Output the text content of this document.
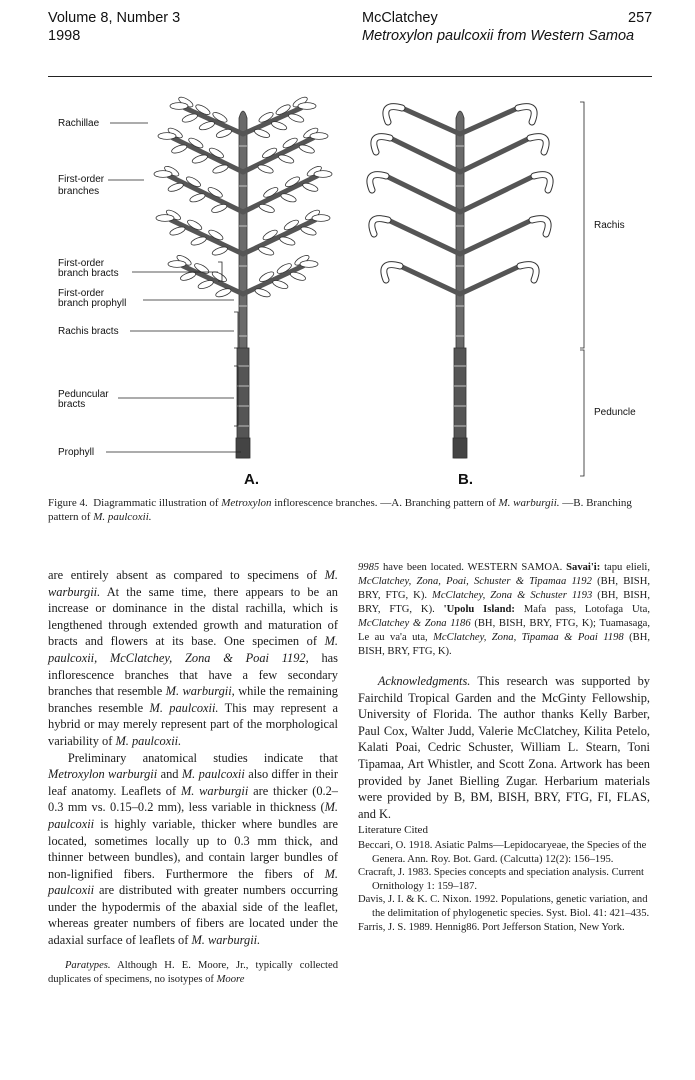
Volume 8, Number 3
1998
McClatchey
Metroxylon paulcoxii from Western Samoa
257
Rachillae
First-order
branches
First-order
branch bracts
First-order
branch prophyll
Rachis bracts
Peduncular
bracts
Prophyll
Rachis
Peduncle
A.	B.
Figure 4. Diagrammatic illustration of Metroxylon inflorescence branches. —A. Branching pattern of M. warburgii. —B. Branching pattern of M. paulcoxii.

are entirely absent as compared to specimens of M. warburgii. At the same time, there appears to be an increase or dominance in the distal rachilla, which is lengthened through extended growth and maturation of bracts and flowers at its base. One specimen of M. paulcoxii, McClatchey, Zona & Poai 1192, has inflorescence branches that have a few secondary branches that resemble M. warburgii, while the remaining branches resemble M. paulcoxii. This may represent a hybrid or may merely represent part of the morphological variability of M. paulcoxii.

Preliminary anatomical studies indicate that Metroxylon warburgii and M. paulcoxii also differ in their leaf anatomy. Leaflets of M. warburgii are thicker (0.2–0.3 mm vs. 0.15–0.2 mm), less variable in thickness (M. paulcoxii is highly variable, thicker where bundles are located, sometimes locally up to 0.3 mm thick, and thinner between bundles), and contain larger bundles of non-lignified fibers. Furthermore the fibers of M. paulcoxii are distributed with greater numbers occurring under the hypodermis of the abaxial side of the leaflet, whereas greater numbers of fibers are located under the adaxial surface of leaflets of M. warburgii.

Paratypes. Although H. E. Moore, Jr., typically collected duplicates of specimens, no isotypes of Moore

9985 have been located. WESTERN SAMOA. Savai'i: tapu elieli, McClatchey, Zona, Poai, Schuster & Tipamaa 1192 (BH, BISH, BRY, FTG, K). McClatchey, Zona & Schuster 1193 (BH, BISH, BRY, FTG, K). 'Upolu Island: Mafa pass, Lotofaga Uta, McClatchey & Zona 1186 (BH, BISH, BRY, FTG, K); Tuamasaga, Le au va'a uta, McClatchey, Zona, Tipamaa & Poai 1198 (BH, BISH, BRY, FTG, K).

Acknowledgments. This research was supported by Fairchild Tropical Garden and the McGinty Fellowship, University of Florida. The author thanks Kelly Barber, Paul Cox, Walter Judd, Valerie McClatchey, Kilita Petelo, Kalati Poai, Cedric Schuster, William L. Stearn, Toni Tipamaa, Art Whistler, and Scott Zona. Artwork has been provided by Janet Bielling Zugar. Herbarium materials were provided by B, BM, BISH, BRY, FTG, FI, FLAS, and K.

Literature Cited

Beccari, O. 1918. Asiatic Palms—Lepidocaryeae, the Species of the Genera. Ann. Roy. Bot. Gard. (Calcutta) 12(2): 156–195.

Cracraft, J. 1983. Species concepts and speciation analysis. Current Ornithology 1: 159–187.

Davis, J. I. & K. C. Nixon. 1992. Populations, genetic variation, and the delimitation of phylogenetic species. Syst. Biol. 41: 421–435.

Farris, J. S. 1989. Hennig86. Port Jefferson Station, New York.
